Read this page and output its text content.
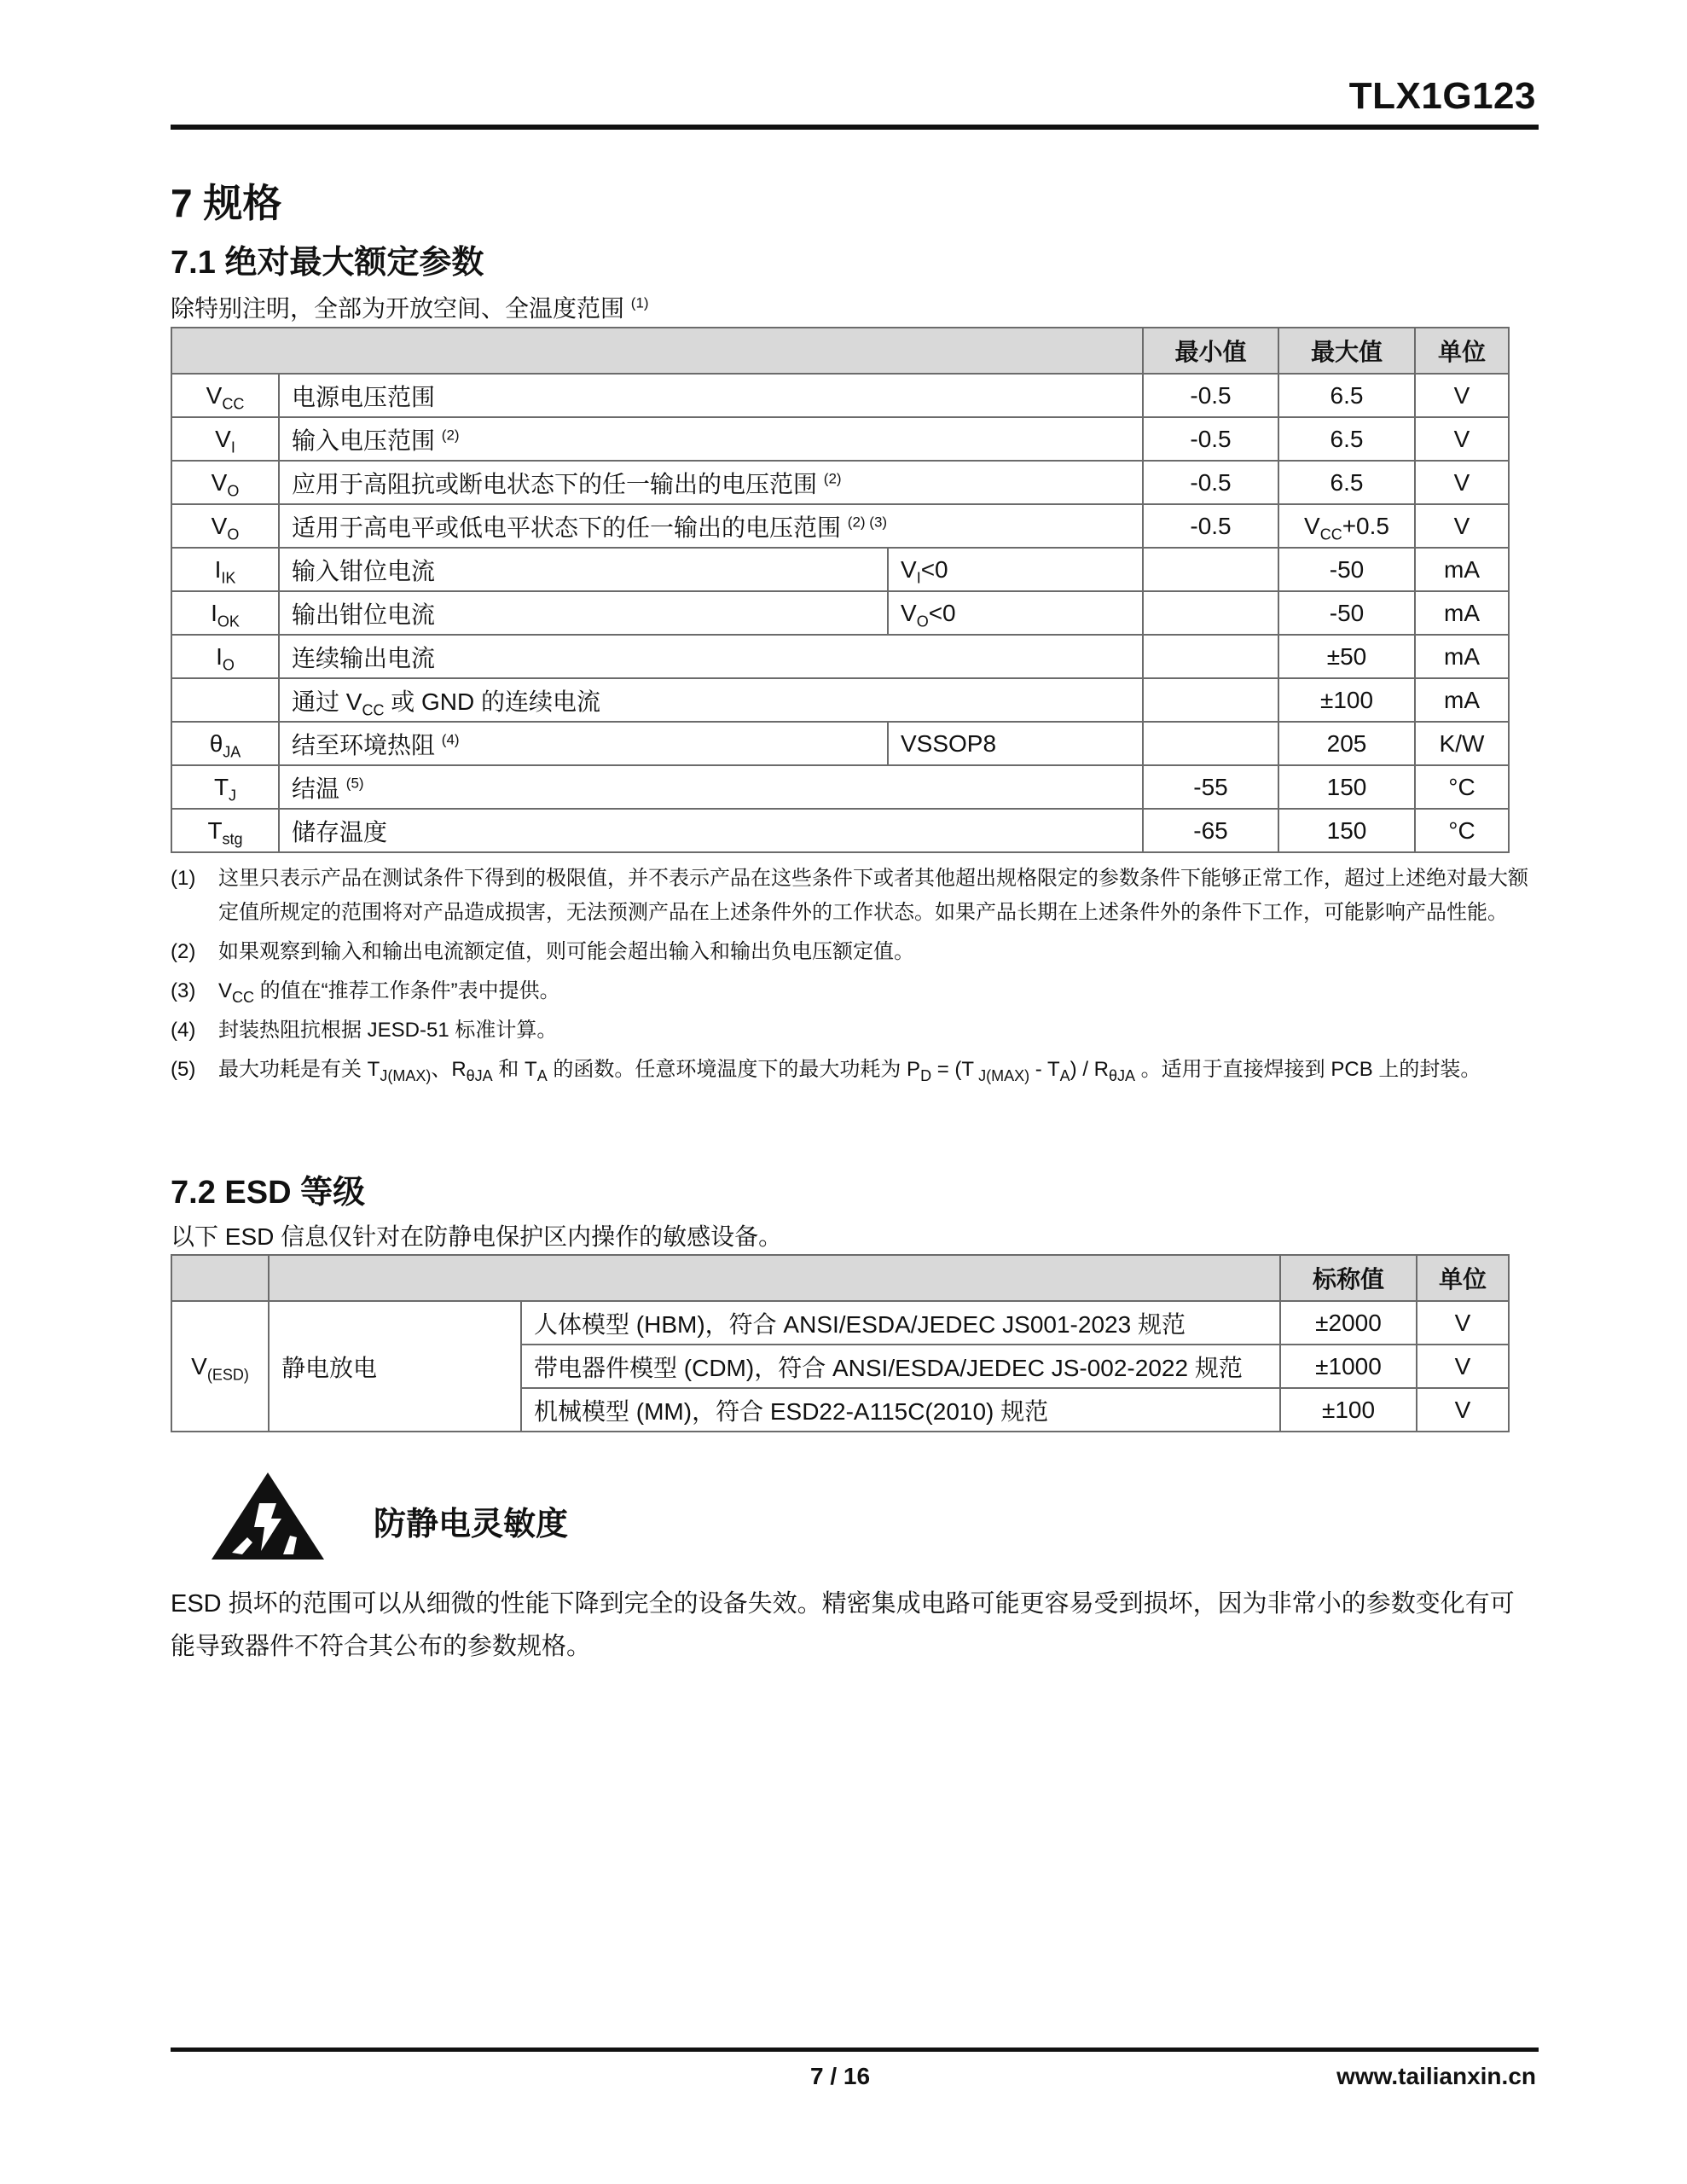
TLX1G123
7 规格
7.1 绝对最大额定参数
除特别注明，全部为开放空间、全温度范围 $^{(1)}$
			最小值	最大值	单位
$V_{CC}$	电源电压范围		-0.5	6.5	V
$V_I$	输入电压范围 $^{(2)}$		-0.5	6.5	V
$V_O$	应用于高阻抗或断电状态下的任一输出的电压范围 $^{(2)}$		-0.5	6.5	V
$V_O$	适用于高电平或低电平状态下的任一输出的电压范围 $^{(2) (3)}$		-0.5	$V_{CC}+0.5$	V
$I_{IK}$	输入钳位电流	$V_I<0$		-50	mA
$I_{OK}$	输出钳位电流	$V_O<0$		-50	mA
$I_O$	连续输出电流			±50	mA
	通过 $V_{CC}$ 或 GND 的连续电流			±100	mA
$\theta_{JA}$	结至环境热阻 $^{(4)}$	VSSOP8		205	K/W
$T_J$	结温 $^{(5)}$		-55	150	°C
$T_{stg}$	储存温度		-65	150	°C
(1)	这里只表示产品在测试条件下得到的极限值，并不表示产品在这些条件下或者其他超出规格限定的参数条件下能够正常工作，超过上述绝对最大额定值所规定的范围将对产品造成损害，无法预测产品在上述条件外的工作状态。如果产品长期在上述条件外的条件下工作，可能影响产品性能。
(2)	如果观察到输入和输出电流额定值，则可能会超出输入和输出负电压额定值。
(3)	$V_{CC}$ 的值在“推荐工作条件”表中提供。
(4)	封装热阻抗根据 JESD-51 标准计算。
(5)	最大功耗是有关 $T_{J(MAX)}$、$R_{\theta JA}$ 和 $T_A$ 的函数。任意环境温度下的最大功耗为 $P_D = (T$ $_{J(MAX)} - T_A) / R_{\theta JA}$ 。适用于直接焊接到 PCB 上的封装。
7.2 ESD 等级
以下 ESD 信息仅针对在防静电保护区内操作的敏感设备。
			标称值	单位
$V_{(ESD)}$	静电放电	人体模型 (HBM)，符合 ANSI/ESDA/JEDEC JS001-2023 规范	±2000	V
		带电器件模型 (CDM)，符合 ANSI/ESDA/JEDEC JS-002-2022 规范	±1000	V
		机械模型 (MM)，符合 ESD22-A115C(2010) 规范	±100	V
防静电灵敏度
ESD 损坏的范围可以从细微的性能下降到完全的设备失效。精密集成电路可能更容易受到损坏，因为非常小的参数变化有可能导致器件不符合其公布的参数规格。
7 / 16	www.tailianxin.cn
